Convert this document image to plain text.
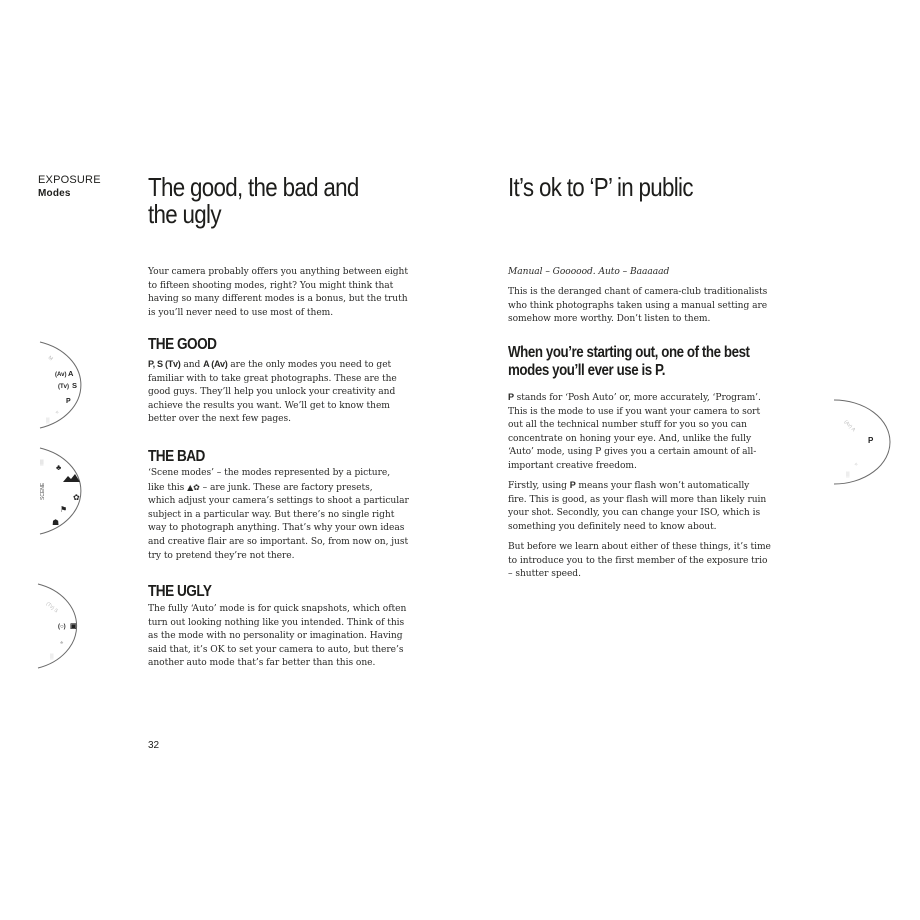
EXPOSURE
Modes	The good, the bad and
the ugly

Your camera probably offers you anything between eight

to fifteen shooting modes, right? You might think that

having so many different modes is a bonus, but the truth

is you’ll never need to use most of them.

THE GOOD

P, S (Tv) and A (Av) are the only modes you need to get

familiar with to take great photographs. These are the

good guys. They’ll help you unlock your creativity and

achieve the results you want. We’ll get to know them

better over the next few pages.

THE BAD

‘Scene modes’ – the modes represented by a picture,

like this ▲✿ – are junk. These are factory presets,

which adjust your camera’s settings to shoot a particular

subject in a particular way. But there’s no single right

way to photograph anything. That’s why your own ideas

and creative flair are so important. So, from now on, just

try to pretend they’re not there.

THE UGLY

The fully ‘Auto’ mode is for quick snapshots, which often

turn out looking nothing like you intended. Think of this

as the mode with no personality or imagination. Having

said that, it’s OK to set your camera to auto, but there’s

another auto mode that’s far better than this one.

32
M
(Av) A
(Tv) S
P
✧
▒
▒ ♣
✿
⚑
☗
SCENE
(Tv) S
(○) ▣
♣
▒
It’s ok to ‘P’ in public
Manual – Goooood. Auto – Baaaaad

This is the deranged chant of camera-club traditionalists

who think photographs taken using a manual setting are

somehow more worthy. Don’t listen to them.

When you’re starting out, one of the best
modes you’ll ever use is P.

P stands for ‘Posh Auto’ or, more accurately, ‘Program’.

This is the mode to use if you want your camera to sort

out all the technical number stuff for you so you can

concentrate on honing your eye. And, unlike the fully

‘Auto’ mode, using P gives you a certain amount of all-

important creative freedom.

Firstly, using P means your flash won’t automatically

fire. This is good, as your flash will more than likely ruin

your shot. Secondly, you can change your ISO, which is

something you definitely need to know about.

But before we learn about either of these things, it’s time

to introduce you to the first member of the exposure trio

– shutter speed.

(Av) A
P
✧
▒
